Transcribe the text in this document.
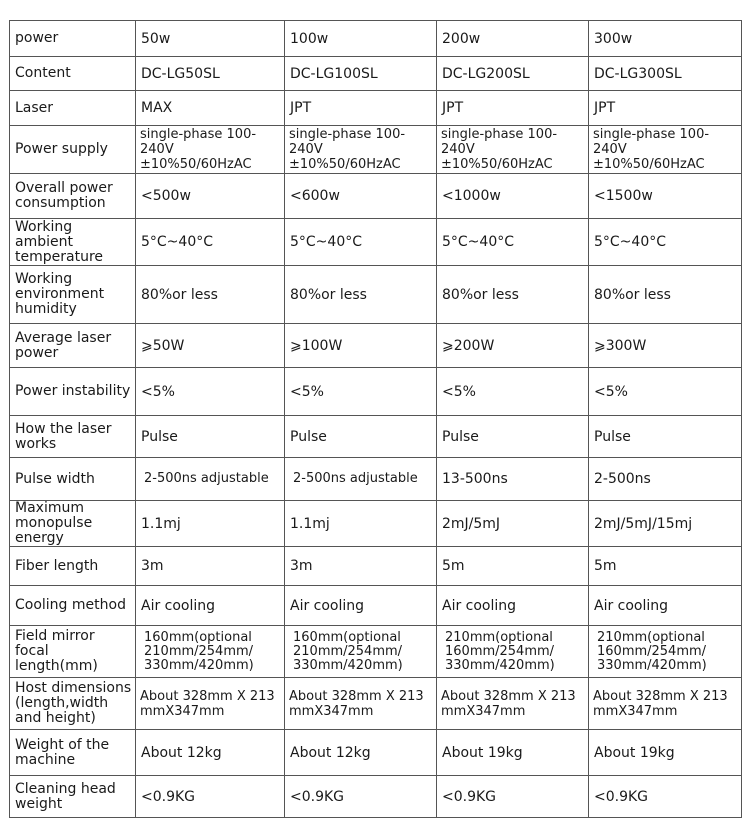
power	50w	100w	200w	300w
Content	DC-LG50SL	DC-LG100SL	DC-LG200SL	DC-LG300SL
Laser	MAX	JPT	JPT	JPT
Power supply	single-phase 100-240V ±10%50/60HzAC	single-phase 100-240V ±10%50/60HzAC	single-phase 100-240V ±10%50/60HzAC	single-phase 100-240V ±10%50/60HzAC
Overall power consumption	<500w	<600w	<1000w	<1500w
Working ambient temperature	5°C~40°C	5°C~40°C	5°C~40°C	5°C~40°C
Working environment humidity	80%or less	80%or less	80%or less	80%or less
Average laser power	⩾50W	⩾100W	⩾200W	⩾300W
Power instability	<5%	<5%	<5%	<5%
How the laser works	Pulse	Pulse	Pulse	Pulse
Pulse width	2-500ns adjustable	2-500ns adjustable	13-500ns	2-500ns
Maximum monopulse energy	1.1mj	1.1mj	2mJ/5mJ	2mJ/5mJ/15mj
Fiber length	3m	3m	5m	5m
Cooling method	Air cooling	Air cooling	Air cooling	Air cooling
Field mirror focal length(mm)	160mm(optional 210mm/254mm/ 330mm/420mm)	160mm(optional 210mm/254mm/ 330mm/420mm)	210mm(optional 160mm/254mm/ 330mm/420mm)	210mm(optional 160mm/254mm/ 330mm/420mm)
Host dimensions (length,width and height)	About 328mm X 213 mmX347mm	About 328mm X 213 mmX347mm	About 328mm X 213 mmX347mm	About 328mm X 213 mmX347mm
Weight of the machine	About 12kg	About 12kg	About 19kg	About 19kg
Cleaning head weight	<0.9KG	<0.9KG	<0.9KG	<0.9KG
